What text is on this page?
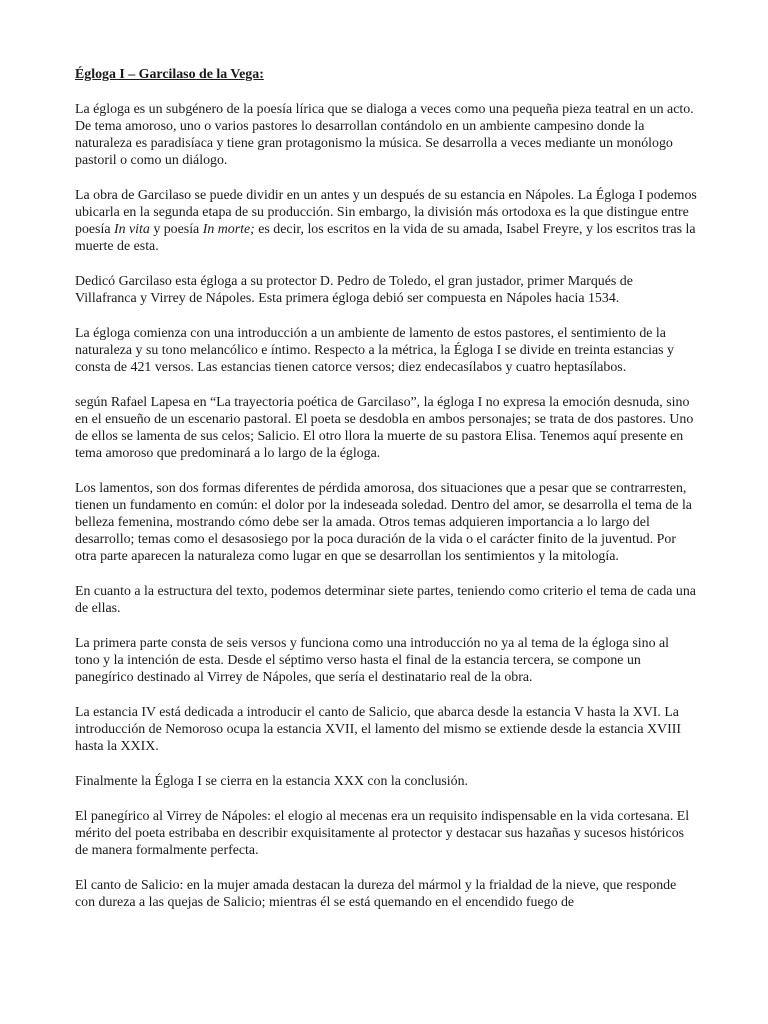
Égloga I – Garcilaso de la Vega:

La égloga es un subgénero de la poesía lírica que se dialoga a veces como una pequeña pieza teatral en un acto. De tema amoroso, uno o varios pastores lo desarrollan contándolo en un ambiente campesino donde la naturaleza es paradisíaca y tiene gran protagonismo la música. Se desarrolla a veces mediante un monólogo pastoril o como un diálogo.

La obra de Garcilaso se puede dividir en un antes y un después de su estancia en Nápoles. La Égloga I podemos ubicarla en la segunda etapa de su producción. Sin embargo, la división más ortodoxa es la que distingue entre poesía In vita y poesía In morte; es decir, los escritos en la vida de su amada, Isabel Freyre, y los escritos tras la muerte de esta.

Dedicó Garcilaso esta égloga a su protector D. Pedro de Toledo, el gran justador, primer Marqués de Villafranca y Virrey de Nápoles. Esta primera égloga debió ser compuesta en Nápoles hacia 1534.

La égloga comienza con una introducción a un ambiente de lamento de estos pastores, el sentimiento de la naturaleza y su tono melancólico e íntimo. Respecto a la métrica, la Égloga I se divide en treinta estancias y consta de 421 versos. Las estancias tienen catorce versos; diez endecasílabos y cuatro heptasílabos.

según Rafael Lapesa en “La trayectoria poética de Garcilaso”, la égloga I no expresa la emoción desnuda, sino en el ensueño de un escenario pastoral. El poeta se desdobla en ambos personajes; se trata de dos pastores. Uno de ellos se lamenta de sus celos; Salicio. El otro llora la muerte de su pastora Elisa. Tenemos aquí presente en tema amoroso que predominará a lo largo de la égloga.

Los lamentos, son dos formas diferentes de pérdida amorosa, dos situaciones que a pesar que se contrarresten, tienen un fundamento en común: el dolor por la indeseada soledad. Dentro del amor, se desarrolla el tema de la belleza femenina, mostrando cómo debe ser la amada. Otros temas adquieren importancia a lo largo del desarrollo; temas como el desasosiego por la poca duración de la vida o el carácter finito de la juventud. Por otra parte aparecen la naturaleza como lugar en que se desarrollan los sentimientos y la mitología.

En cuanto a la estructura del texto, podemos determinar siete partes, teniendo como criterio el tema de cada una de ellas.

La primera parte consta de seis versos y funciona como una introducción no ya al tema de la égloga sino al tono y la intención de esta. Desde el séptimo verso hasta el final de la estancia tercera, se compone un panegírico destinado al Virrey de Nápoles, que sería el destinatario real de la obra.

La estancia IV está dedicada a introducir el canto de Salicio, que abarca desde la estancia V hasta la XVI. La introducción de Nemoroso ocupa la estancia XVII, el lamento del mismo se extiende desde la estancia XVIII hasta la XXIX.

Finalmente la Égloga I se cierra en la estancia XXX con la conclusión.

El panegírico al Virrey de Nápoles: el elogio al mecenas era un requisito indispensable en la vida cortesana. El mérito del poeta estribaba en describir exquisitamente al protector y destacar sus hazañas y sucesos históricos de manera formalmente perfecta.

El canto de Salicio: en la mujer amada destacan la dureza del mármol y la frialdad de la nieve, que responde con dureza a las quejas de Salicio; mientras él se está quemando en el encendido fuego de
